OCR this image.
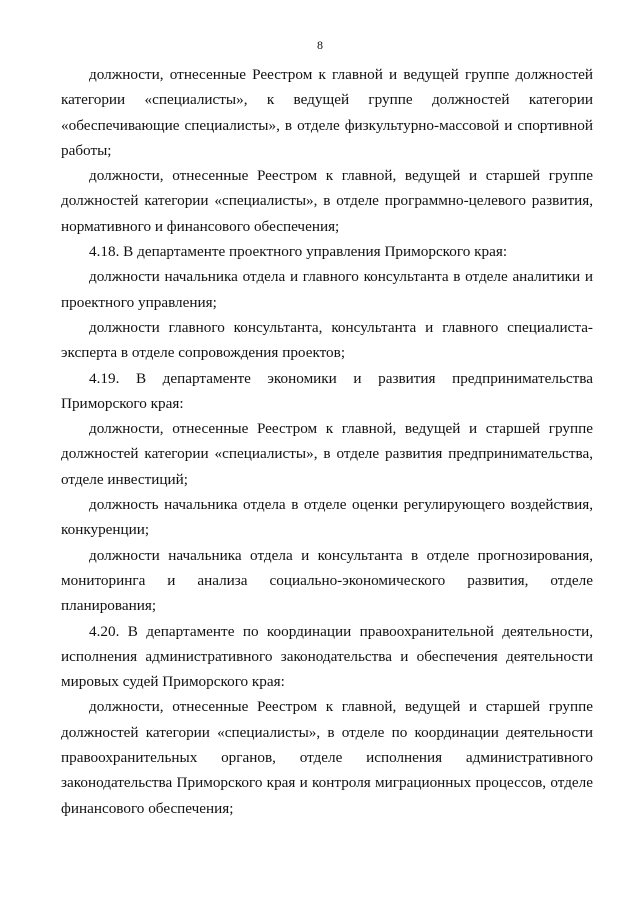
8

должности, отнесенные Реестром к главной и ведущей группе должностей категории «специалисты», к ведущей группе должностей категории «обеспечивающие специалисты», в отделе физкультурно-массовой и спортивной работы;

должности, отнесенные Реестром к главной, ведущей и старшей группе должностей категории «специалисты», в отделе программно-целевого развития, нормативного и финансового обеспечения;

4.18. В департаменте проектного управления Приморского края:

должности начальника отдела и главного консультанта в отделе аналитики и проектного управления;

должности главного консультанта, консультанта и главного специалиста-эксперта в отделе сопровождения проектов;

4.19. В департаменте экономики и развития предпринимательства Приморского края:

должности, отнесенные Реестром к главной, ведущей и старшей группе должностей категории «специалисты», в отделе развития предпринимательства, отделе инвестиций;

должность начальника отдела в отделе оценки регулирующего воздействия, конкуренции;

должности начальника отдела и консультанта в отделе прогнозирования, мониторинга и анализа социально-экономического развития, отделе планирования;

4.20. В департаменте по координации правоохранительной деятельности, исполнения административного законодательства и обеспечения деятельности мировых судей Приморского края:

должности, отнесенные Реестром к главной, ведущей и старшей группе должностей категории «специалисты», в отделе по координации деятельности правоохранительных органов, отделе исполнения административного законодательства Приморского края и контроля миграционных процессов, отделе финансового обеспечения;
